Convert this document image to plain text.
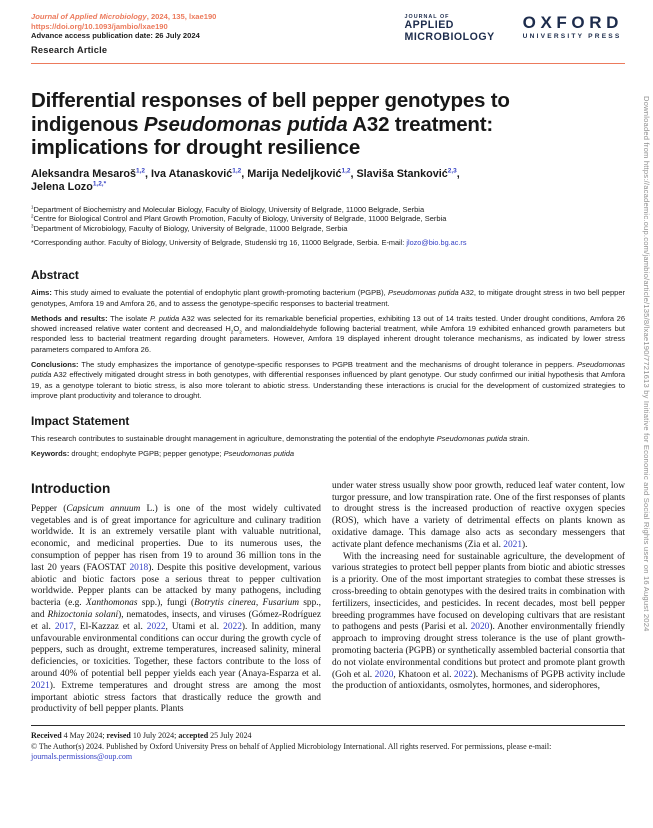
Downloaded from https://academic.oup.com/jambio/article/135/8/lxae190/7721613 by Initiative for Economic and Social Rights user on 16 August 2024
Journal of Applied Microbiology, 2024, 135, lxae190
https://doi.org/10.1093/jambio/lxae190
Advance access publication date: 26 July 2024
Research Article
JOURNAL OF
APPLIED
MICROBIOLOGY
OXFORD
UNIVERSITY PRESS
Differential responses of bell pepper genotypes to
indigenous Pseudomonas putida A32 treatment:
implications for drought resilience
Aleksandra Mesaroš$^{1,2}$, Iva Atanasković$^{1,2}$, Marija Nedeljković$^{1,2}$, Slaviša Stanković$^{2,3}$,
Jelena Lozo$^{1,2,*}$
$^1$Department of Biochemistry and Molecular Biology, Faculty of Biology, University of Belgrade, 11000 Belgrade, Serbia
$^2$Centre for Biological Control and Plant Growth Promotion, Faculty of Biology, University of Belgrade, 11000 Belgrade, Serbia
$^3$Department of Microbiology, Faculty of Biology, University of Belgrade, 11000 Belgrade, Serbia
*Corresponding author. Faculty of Biology, University of Belgrade, Studenski trg 16, 11000 Belgrade, Serbia. E-mail: jlozo@bio.bg.ac.rs
Abstract

Aims: This study aimed to evaluate the potential of endophytic plant growth-promoting bacterium (PGPB), Pseudomonas putida A32, to mitigate drought stress in two bell pepper genotypes, Amfora 19 and Amfora 26, and to assess the genotype-specific responses to bacterial treatment.

Methods and results: The isolate P. putida A32 was selected for its remarkable beneficial properties, exhibiting 13 out of 14 traits tested. Under drought conditions, Amfora 26 showed increased relative water content and decreased $H_2O_2$ and malondialdehyde following bacterial treatment, while Amfora 19 exhibited enhanced growth parameters but responded less to bacterial treatment regarding drought parameters. However, Amfora 19 displayed inherent drought tolerance mechanisms, as indicated by lower stress parameters compared to Amfora 26.

Conclusions: The study emphasizes the importance of genotype-specific responses to PGPB treatment and the mechanisms of drought tolerance in peppers. Pseudomonas putida A32 effectively mitigated drought stress in both genotypes, with differential responses influenced by plant genotype. Our study confirmed our initial hypothesis that Amfora 19, as a genotype tolerant to biotic stress, is also more tolerant to abiotic stress. Understanding these interactions is crucial for the development of customized strategies to improve plant productivity and tolerance to drought.

Impact Statement

This research contributes to sustainable drought management in agriculture, demonstrating the potential of the endophyte Pseudomonas putida strain.

Keywords: drought; endophyte PGPB; pepper genotype; Pseudomonas putida

Introduction

Pepper (Capsicum annuum L.) is one of the most widely cultivated vegetables and is of great importance for agriculture and culinary tradition worldwide. It is an extremely versatile plant with valuable nutritional, economic, and medicinal properties. Due to its numerous uses, the consumption of pepper has risen from 19 to around 36 million tons in the last 20 years (FAOSTAT 2018). Despite this positive development, various abiotic and biotic factors pose a serious threat to pepper cultivation worldwide. Pepper plants can be attacked by many pathogens, including bacteria (e.g. Xanthomonas spp.), fungi (Botrytis cinerea, Fusarium spp., and Rhizoctonia solani), nematodes, insects, and viruses (Gómez-Rodríguez et al. 2017, El-Kazzaz et al. 2022, Utami et al. 2022). In addition, many unfavourable environmental conditions can occur during the growth cycle of peppers, such as drought, extreme temperatures, increased salinity, mineral deficiencies, or toxicities. Together, these factors contribute to the loss of around 40% of potential bell pepper yields each year (Anaya-Esparza et al. 2021). Extreme temperatures and drought stress are among the most important abiotic stress factors that drastically reduce the growth and productivity of bell pepper plants. Plants

under water stress usually show poor growth, reduced leaf water content, low turgor pressure, and low transpiration rate. One of the first responses of plants to drought stress is the increased production of reactive oxygen species (ROS), which have a variety of detrimental effects on plants known as oxidative damage. This damage also acts as secondary messengers that activate plant defence mechanisms (Zia et al. 2021).

With the increasing need for sustainable agriculture, the development of various strategies to protect bell pepper plants from biotic and abiotic stresses is a priority. One of the most important strategies to combat these stresses is cross-breeding to obtain genotypes with the desired traits in combination with fertilizers, insecticides, and pesticides. In recent decades, most bell pepper breeding programmes have focused on developing cultivars that are resistant to pathogens and pests (Parisi et al. 2020). Another environmentally friendly approach to improving drought stress tolerance is the use of plant growth-promoting bacteria (PGPB) or synthetically assembled bacterial consortia that do not violate environmental conditions but protect and promote plant growth (Goh et al. 2020, Khatoon et al. 2022). Mechanisms of PGPB activity include the production of antioxidants, osmolytes, hormones, and siderophores,

Received 4 May 2024; revised 10 July 2024; accepted 25 July 2024
© The Author(s) 2024. Published by Oxford University Press on behalf of Applied Microbiology International. All rights reserved. For permissions, please e-mail: journals.permissions@oup.com
